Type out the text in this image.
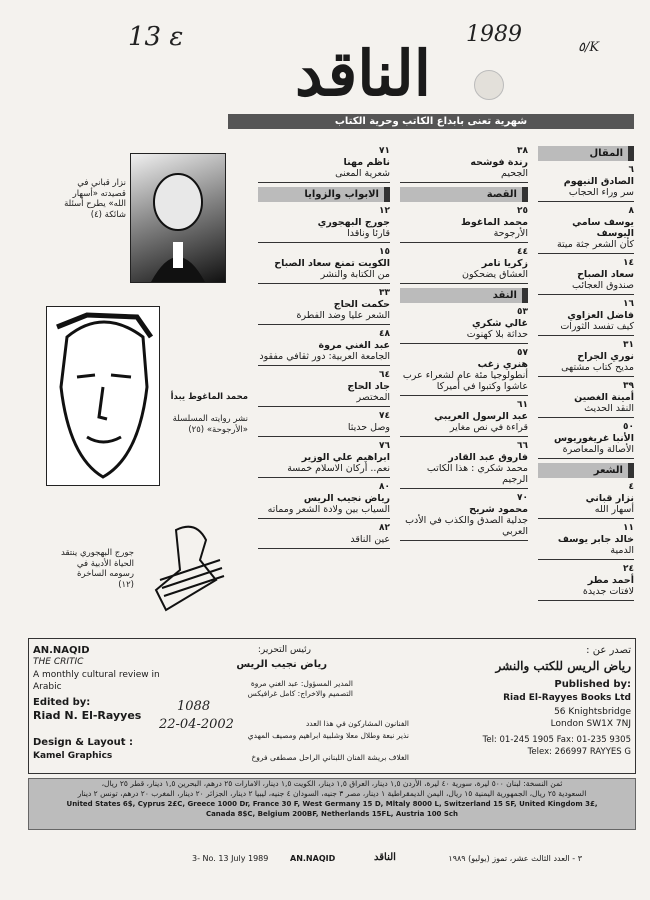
13 ε	1989
٥/K
الناقد
شهرية تعنى بابداع الكاتب وحرية الكتاب
المقال
٦
الصادق النيهوم
سر وراء الحجاب
٨
يوسف سامي اليوسف
كأن الشعر جثة ميتة
١٤
سعاد الصباح
صندوق العجائب
١٦
فاضل العزاوي
كيف تفسد الثورات
٣١
نوري الجراح
مديح كتاب مشتهى
٣٩
أمينة الغصين
النقد الحديث
٥٠
الأنبا غريغوريوس
الأصالة والمعاصرة
الشعر
٤
نزار قباني
أسهار الله
١١
خالد جابر يوسف
الدمية
٢٤
أحمد مطر
لافتات جديدة
٣٨
رندة فوشحه
الجحيم
القصة
٢٥
محمد الماغوط
الأرجوحة
٤٤
زكريا تامر
العشاق يضحكون
النقد
٥٣
غالي شكري
حداثة بلا كهنوت
٥٧
هنري زغب
أنطولوجيا مئة عام لشعراء عرب عاشوا وكتبوا في أميركا
٦١
عبد الرسول العريبي
قراءة في نص مغاير
٦٦
فاروق عبد القادر
محمد شكري : هذا الكاتب الرجيم
٧٠
محمود شريح
جدلية الصدق والكذب في الأدب العربي
٧١
ناظم مهنا
شعرية المعنى
الابواب والزوايا
١٢
جورج البهجوري
قارئا وناقدا
١٥
الكويت تمنع سعاد الصباح
من الكتابة والنشر
٣٣
حكمت الحاج
الشعر عليا وضد الفطرة
٤٨
عبد الغني مروة
الجامعة العربية: دور ثقافي مفقود
٦٤
جاد الحاج
المختصر
٧٤
وصل حديثا
٧٦
ابراهيم علي الوزير
نعم.. أركان الاسلام خمسة
٨٠
رياض نجيب الريس
السياب بين ولادة الشعر ومماته
٨٢
عين الناقد
نزار قباني في قصيدته «أسهار الله» يطرح أسئلة شائكة (٤)
محمد الماغوط يبدأ
نشر روايته المسلسلة «الأرجوحة» (٢٥)
جورج البهجوري ينتقد الحياة الأدبية في رسومه الساخرة (١٢)
AN.NAQID
THE CRITIC
A monthly cultural review in Arabic
Edited by:
Riad N. El-Rayyes
Design & Layout :
Kamel Graphics
1088
22-04-2002
رئيس التحرير:
رياض نجيب الريس
المدير المسؤول: عبد الغني مروة
التصميم والاخراج: كامل غرافيكس
الفنانون المشاركون في هذا العدد
نذير نبعة وطلال معلا وشلبية ابراهيم ومصيف المهدي
الغلاف بريشة الفنان اللبناني الراحل مصطفى فروخ
تصدر عن :
رياض الريس للكتب والنشر
Published by:
Riad El-Rayyes Books Ltd
56 Knightsbridge
London SW1X 7NJ
Tel: 01-245 1905 Fax: 01-235 9305
Telex: 266997 RAYYES G
ثمن النسخة: لبنان ٥٠٠ ليرة، سورية ٤٠ ليرة، الأردن ١,٥ دينار، العراق ١,٥ دينار، الكويت ١,٥ دينار، الامارات ٢٥ درهم، البحرين ١,٥ دينار، قطر ٢٥ ريال،
السعودية ٢٥ ريال، الجمهورية اليمنية ١٥ ريال، اليمن الديمقراطية ١ دينار، مصر ٣ جنيه، السودان ٤ جنيه، ليبيا ٢ دينار، الجزائر ٢٠ دينار، المغرب ٢٠ درهم، تونس ٢ دينار
United States 6$, Cyprus 2£C, Greece 1000 Dr, France 30 F, West Germany 15 D, Mltaly 8000 L, Switzerland 15 SF, United Kingdom 3£,
Canada 8$C, Belgium 200BF, Netherlands 15FL, Austria 100 Sch
3- No. 13 July 1989	AN.NAQID	الناقد	٣ - العدد الثالث عشر، تموز (يوليو) ١٩٨٩
